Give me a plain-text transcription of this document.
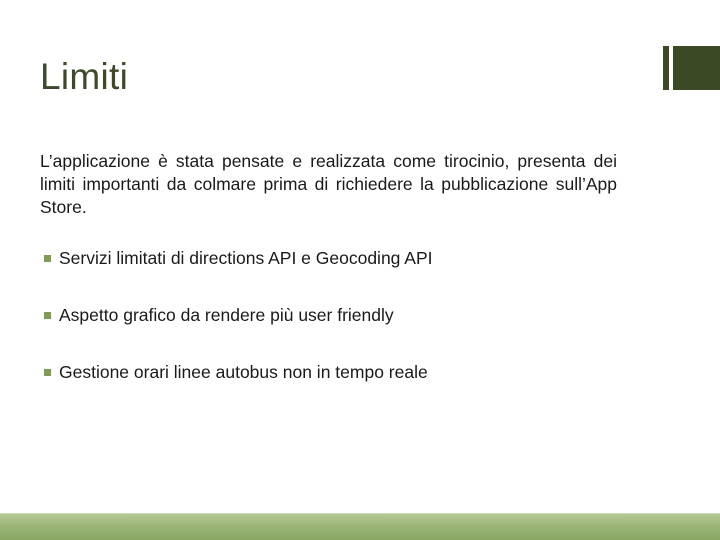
Limiti

L’applicazione è stata pensate e realizzata come tirocinio, presenta dei limiti importanti da colmare prima di richiedere la pubblicazione sull’App Store.

Servizi limitati di directions API e Geocoding API
Aspetto grafico da rendere più user friendly
Gestione orari linee autobus non in tempo reale
